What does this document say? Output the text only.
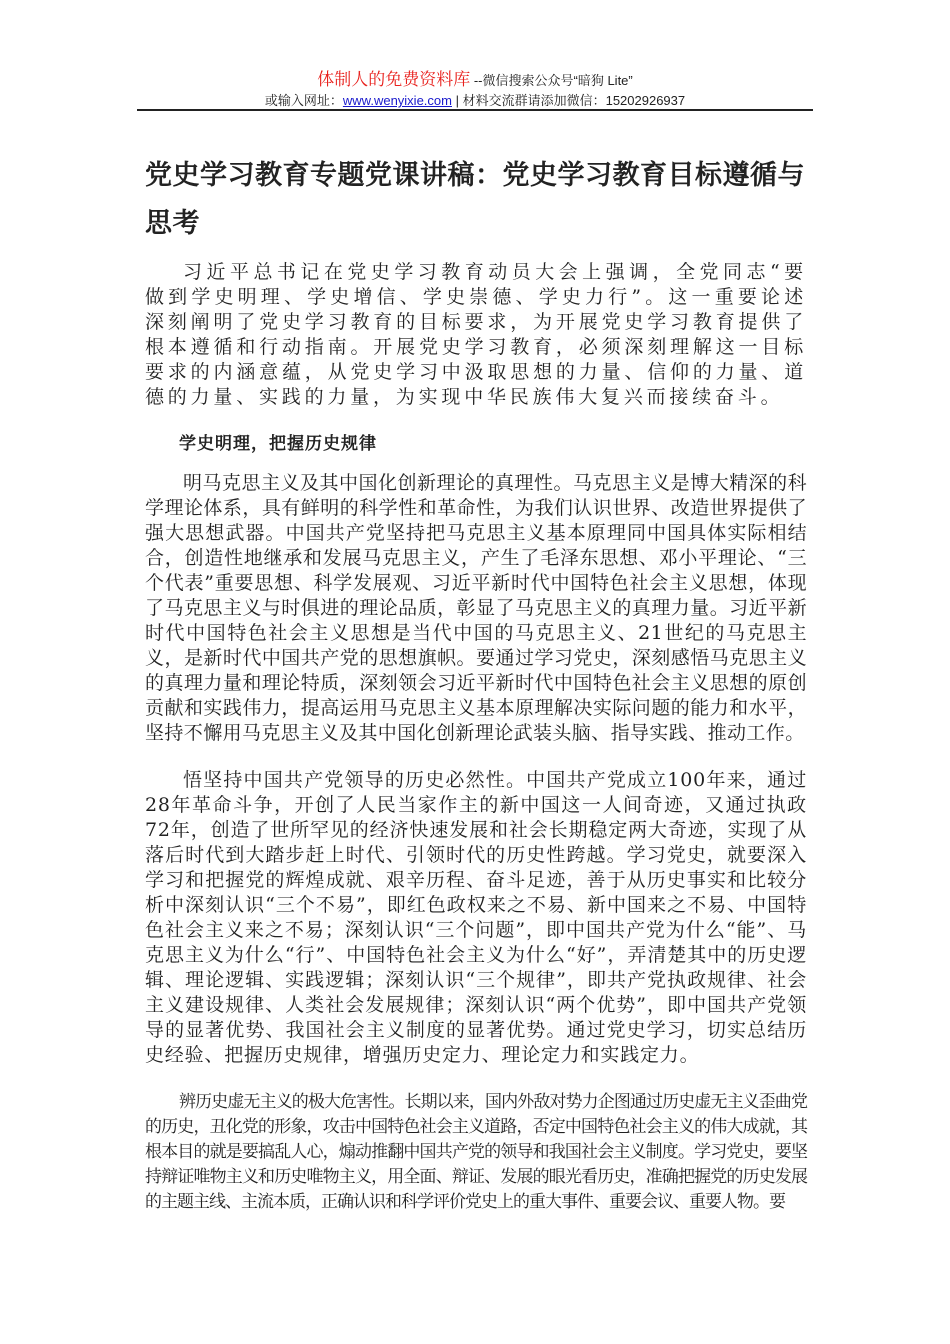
体制人的免费资料库 --微信搜索公众号“暗狗 Lite”
或输入网址：www.wenyixie.com | 材料交流群请添加微信：15202926937
党史学习教育专题党课讲稿：党史学习教育目标遵循与思考

习近平总书记在党史学习教育动员大会上强调，全党同志“要做到学史明理、学史增信、学史崇德、学史力行”。这一重要论述深刻阐明了党史学习教育的目标要求，为开展党史学习教育提供了根本遵循和行动指南。开展党史学习教育，必须深刻理解这一目标要求的内涵意蕴，从党史学习中汲取思想的力量、信仰的力量、道德的力量、实践的力量，为实现中华民族伟大复兴而接续奋斗。

学史明理，把握历史规律

明马克思主义及其中国化创新理论的真理性。马克思主义是博大精深的科学理论体系，具有鲜明的科学性和革命性，为我们认识世界、改造世界提供了强大思想武器。中国共产党坚持把马克思主义基本原理同中国具体实际相结合，创造性地继承和发展马克思主义，产生了毛泽东思想、邓小平理论、“三个代表”重要思想、科学发展观、习近平新时代中国特色社会主义思想，体现了马克思主义与时俱进的理论品质，彰显了马克思主义的真理力量。习近平新时代中国特色社会主义思想是当代中国的马克思主义、21世纪的马克思主义，是新时代中国共产党的思想旗帜。要通过学习党史，深刻感悟马克思主义的真理力量和理论特质，深刻领会习近平新时代中国特色社会主义思想的原创贡献和实践伟力，提高运用马克思主义基本原理解决实际问题的能力和水平，坚持不懈用马克思主义及其中国化创新理论武装头脑、指导实践、推动工作。

悟坚持中国共产党领导的历史必然性。中国共产党成立100年来，通过28年革命斗争，开创了人民当家作主的新中国这一人间奇迹，又通过执政72年，创造了世所罕见的经济快速发展和社会长期稳定两大奇迹，实现了从落后时代到大踏步赶上时代、引领时代的历史性跨越。学习党史，就要深入学习和把握党的辉煌成就、艰辛历程、奋斗足迹，善于从历史事实和比较分析中深刻认识“三个不易”，即红色政权来之不易、新中国来之不易、中国特色社会主义来之不易；深刻认识“三个问题”，即中国共产党为什么“能”、马克思主义为什么“行”、中国特色社会主义为什么“好”，弄清楚其中的历史逻辑、理论逻辑、实践逻辑；深刻认识“三个规律”，即共产党执政规律、社会主义建设规律、人类社会发展规律；深刻认识“两个优势”，即中国共产党领导的显著优势、我国社会主义制度的显著优势。通过党史学习，切实总结历史经验、把握历史规律，增强历史定力、理论定力和实践定力。

辨历史虚无主义的极大危害性。长期以来，国内外敌对势力企图通过历史虚无主义歪曲党的历史，丑化党的形象，攻击中国特色社会主义道路，否定中国特色社会主义的伟大成就，其根本目的就是要搞乱人心，煽动推翻中国共产党的领导和我国社会主义制度。学习党史，要坚持辩证唯物主义和历史唯物主义，用全面、辩证、发展的眼光看历史，准确把握党的历史发展的主题主线、主流本质，正确认识和科学评价党史上的重大事件、重要会议、重要人物。要
